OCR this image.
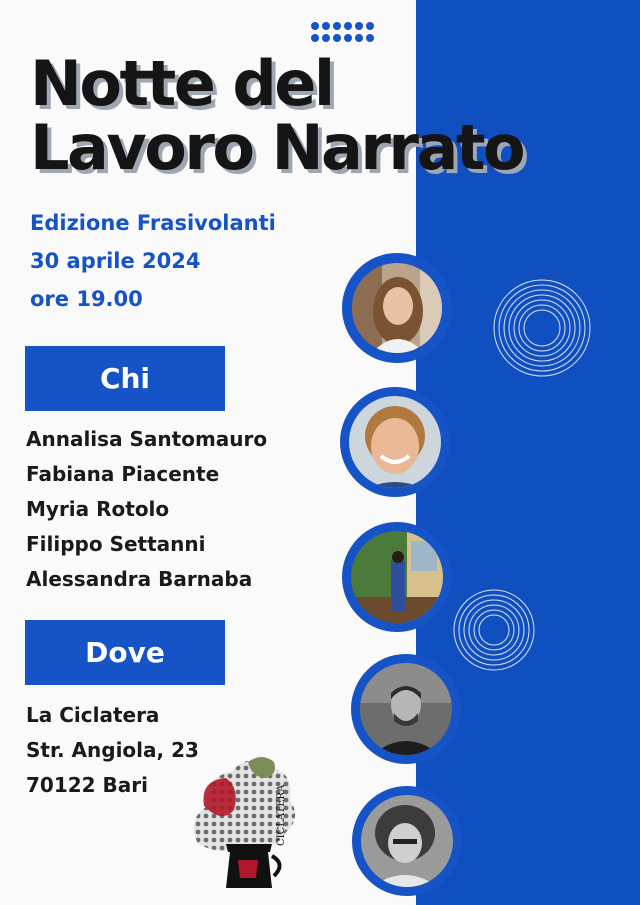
Notte del
Lavoro Narrato
Edizione Frasivolanti
30 aprile 2024
ore 19.00
Chi
Annalisa Santomauro
Fabiana Piacente
Myria Rotolo
Filippo Settanni
Alessandra Barnaba
Dove
La Ciclatera
Str. Angiola, 23
70122 Bari	CICLATERA
